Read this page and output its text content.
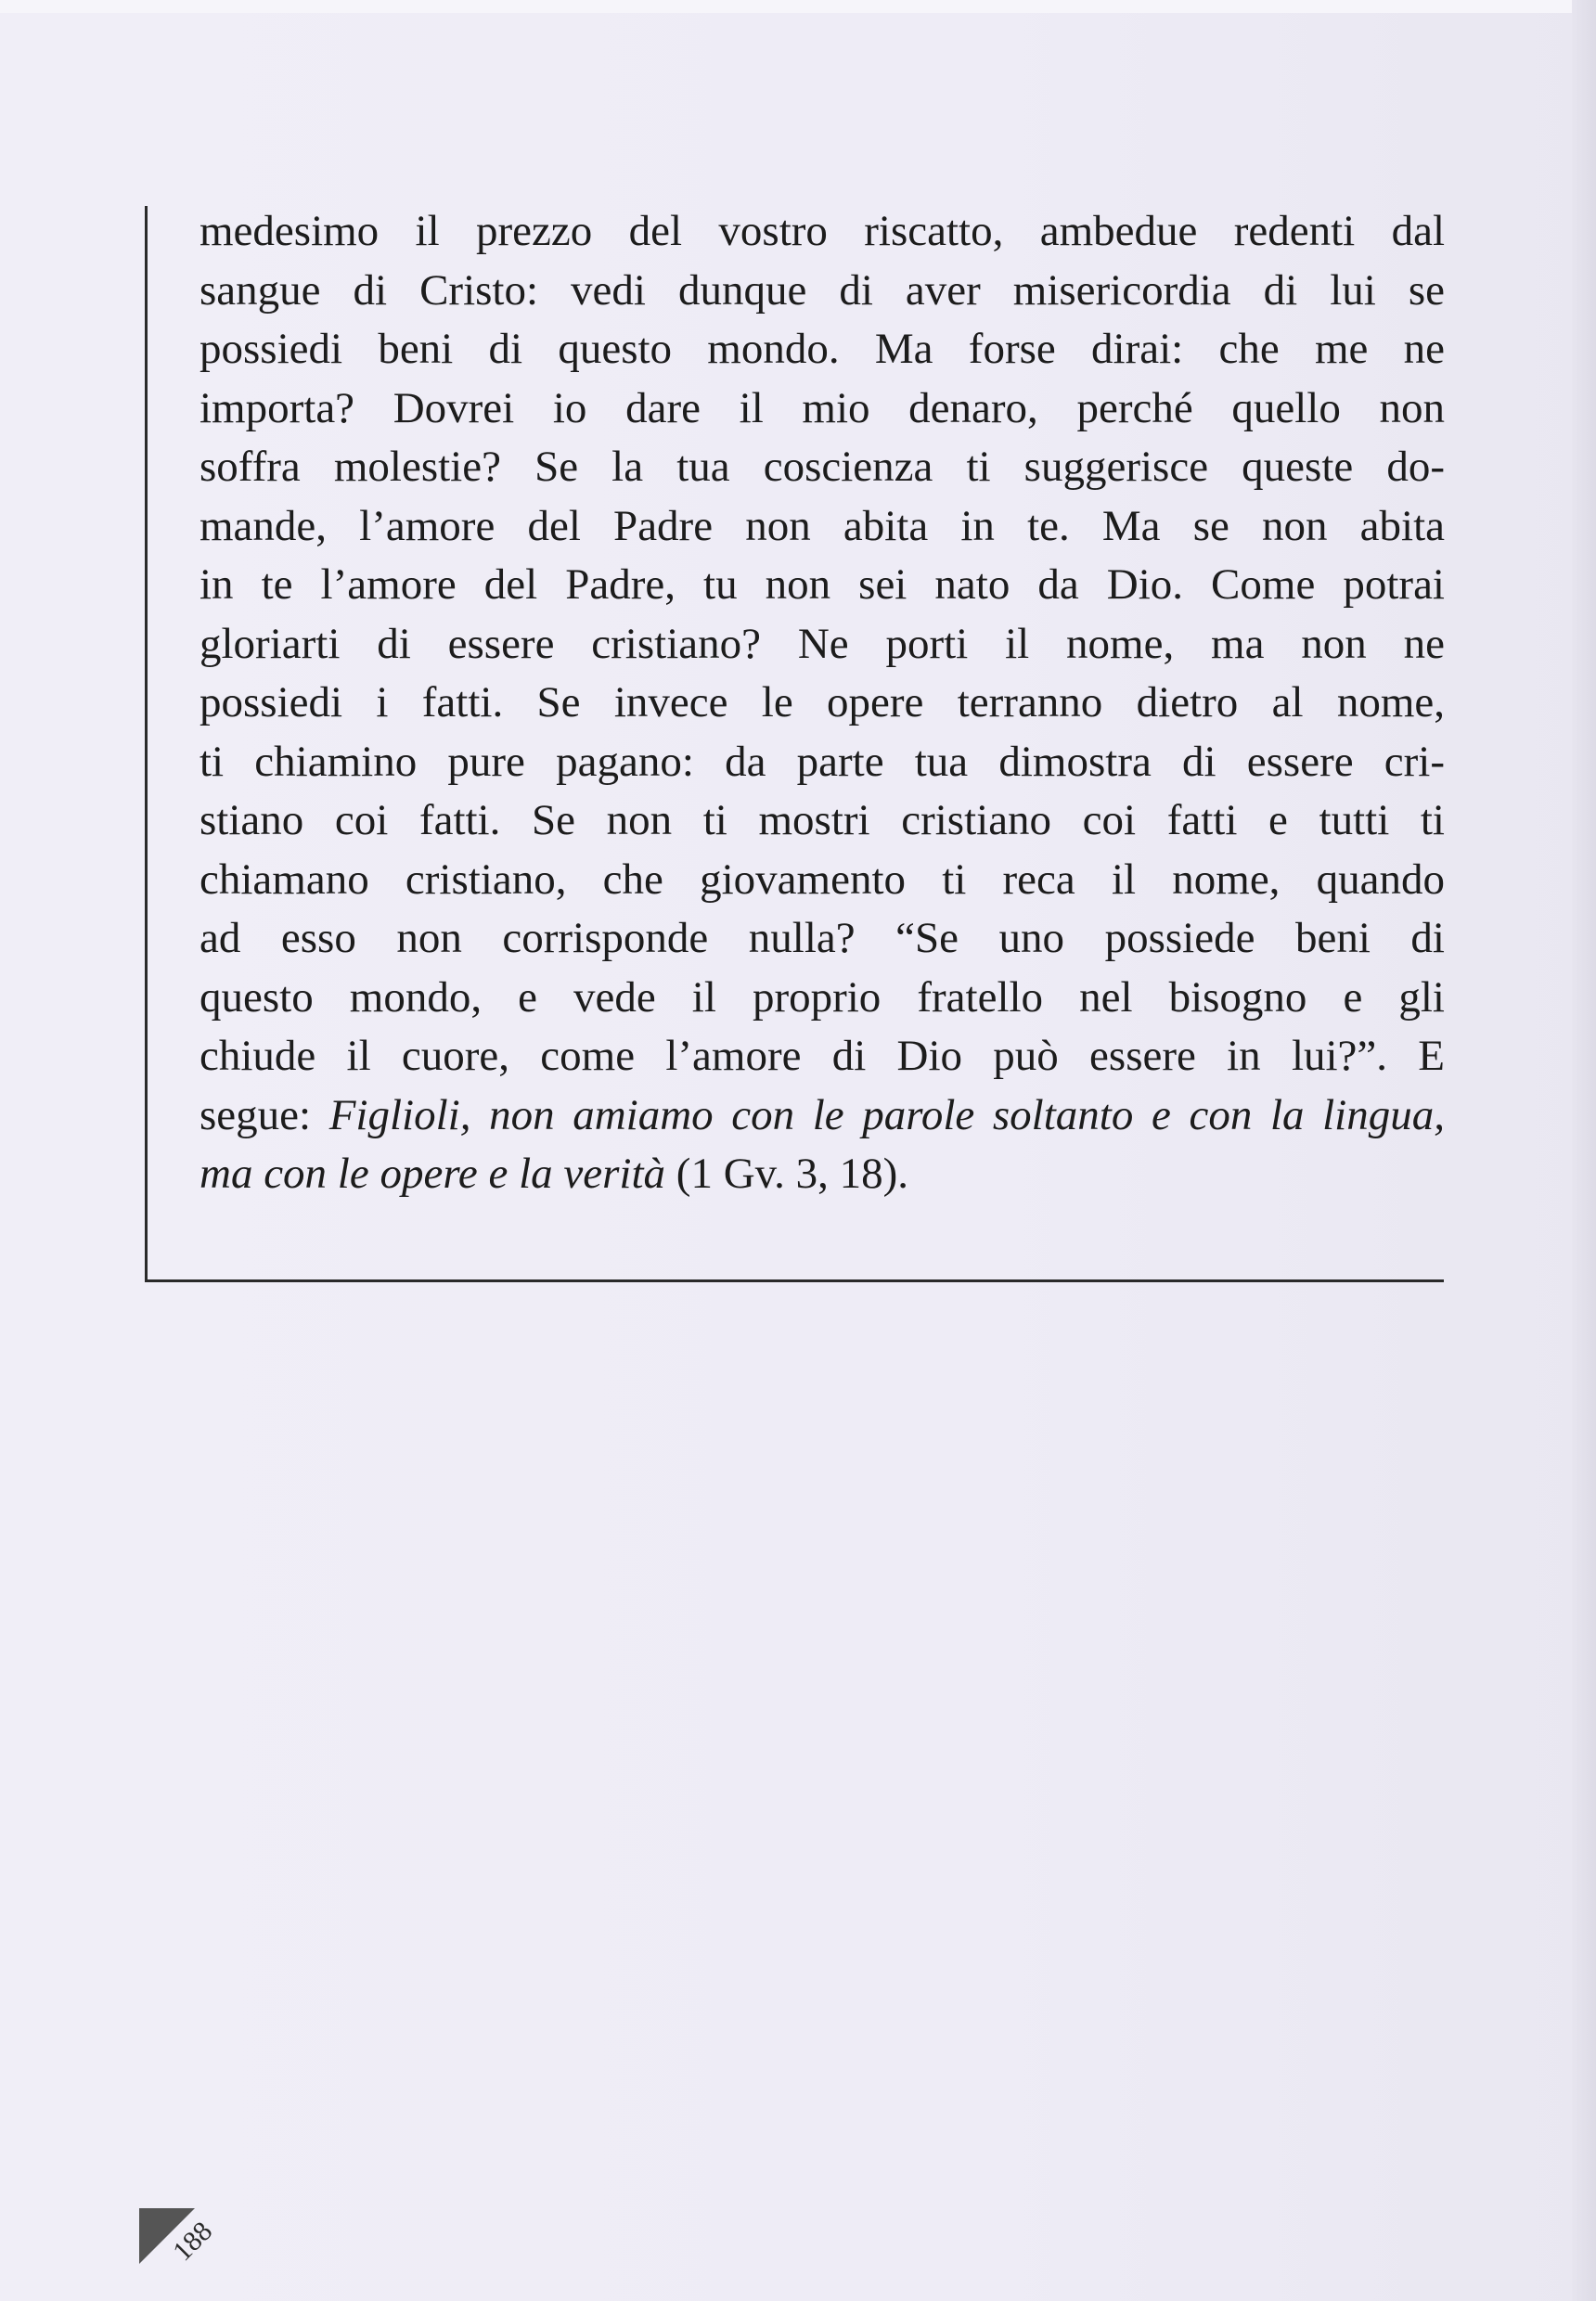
medesimo il prezzo del vostro riscatto, ambedue redenti dal
sangue di Cristo: vedi dunque di aver misericordia di lui se
possiedi beni di questo mondo. Ma forse dirai: che me ne
importa? Dovrei io dare il mio denaro, perché quello non
soffra molestie? Se la tua coscienza ti suggerisce queste do-
mande, l’amore del Padre non abita in te. Ma se non abita
in te l’amore del Padre, tu non sei nato da Dio. Come potrai
gloriarti di essere cristiano? Ne porti il nome, ma non ne
possiedi i fatti. Se invece le opere terranno dietro al nome,
ti chiamino pure pagano: da parte tua dimostra di essere cri-
stiano coi fatti. Se non ti mostri cristiano coi fatti e tutti ti
chiamano cristiano, che giovamento ti reca il nome, quando
ad esso non corrisponde nulla? “Se uno possiede beni di
questo mondo, e vede il proprio fratello nel bisogno e gli
chiude il cuore, come l’amore di Dio può essere in lui?”. E
segue: Figlioli, non amiamo con le parole soltanto e con la lingua,
ma con le opere e la verità (1 Gv. 3, 18).
188
